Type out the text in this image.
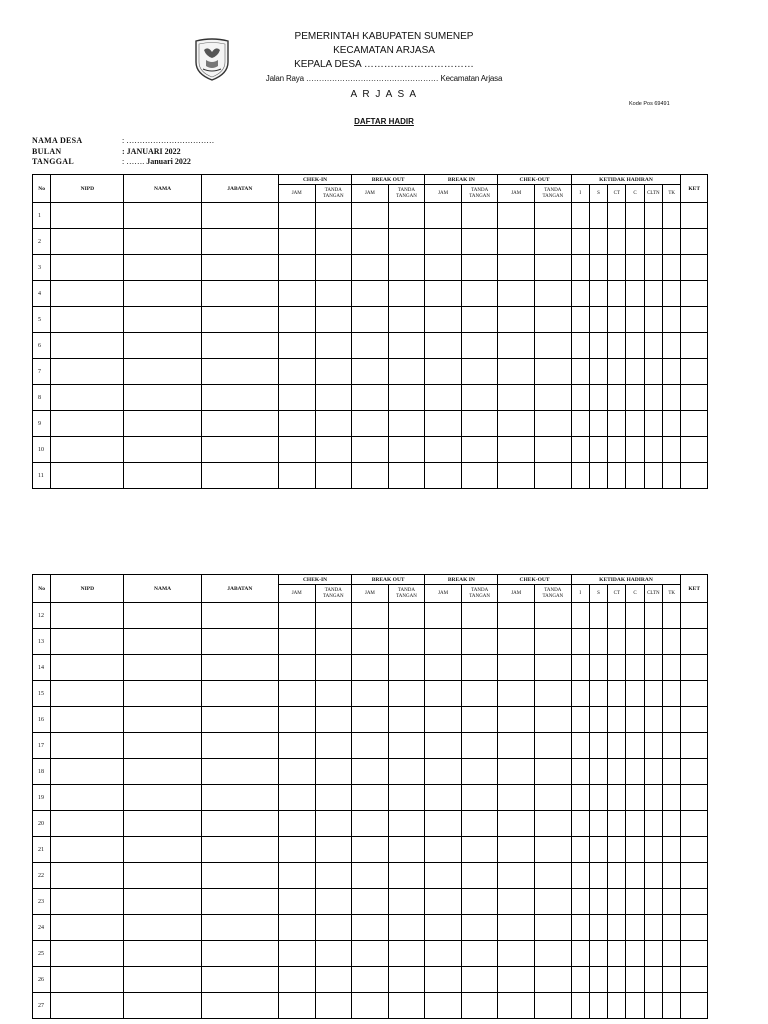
PEMERINTAH KABUPATEN SUMENEP
KECAMATAN ARJASA
KEPALA DESA ……………………………
Jalan Raya …………………………………………… Kecamatan Arjasa
A R J A S A
Kode Pos 69491
DAFTAR HADIR
NAMA DESA	: ……………………………
BULAN	: JANUARI 2022
TANGGAL	: ……. Januari 2022
No	NIPD	NAMA	JABATAN	CHEK-IN		BREAK OUT		BREAK IN		CHEK-OUT		KETIDAK HADIRAN						KET
				JAM	TANDA TANGAN	JAM	TANDA TANGAN	JAM	TANDA TANGAN	JAM	TANDA TANGAN	I	S	CT	C	CLTN	TK	
1																		
2																		
3																		
4																		
5																		
6																		
7																		
8																		
9																		
10																		
11																		
No	NIPD	NAMA	JABATAN	CHEK-IN		BREAK OUT		BREAK IN		CHEK-OUT		KETIDAK HADIRAN						KET
				JAM	TANDA TANGAN	JAM	TANDA TANGAN	JAM	TANDA TANGAN	JAM	TANDA TANGAN	I	S	CT	C	CLTN	TK	
12																		
13																		
14																		
15																		
16																		
17																		
18																		
19																		
20																		
21																		
22																		
23																		
24																		
25																		
26																		
27																		
